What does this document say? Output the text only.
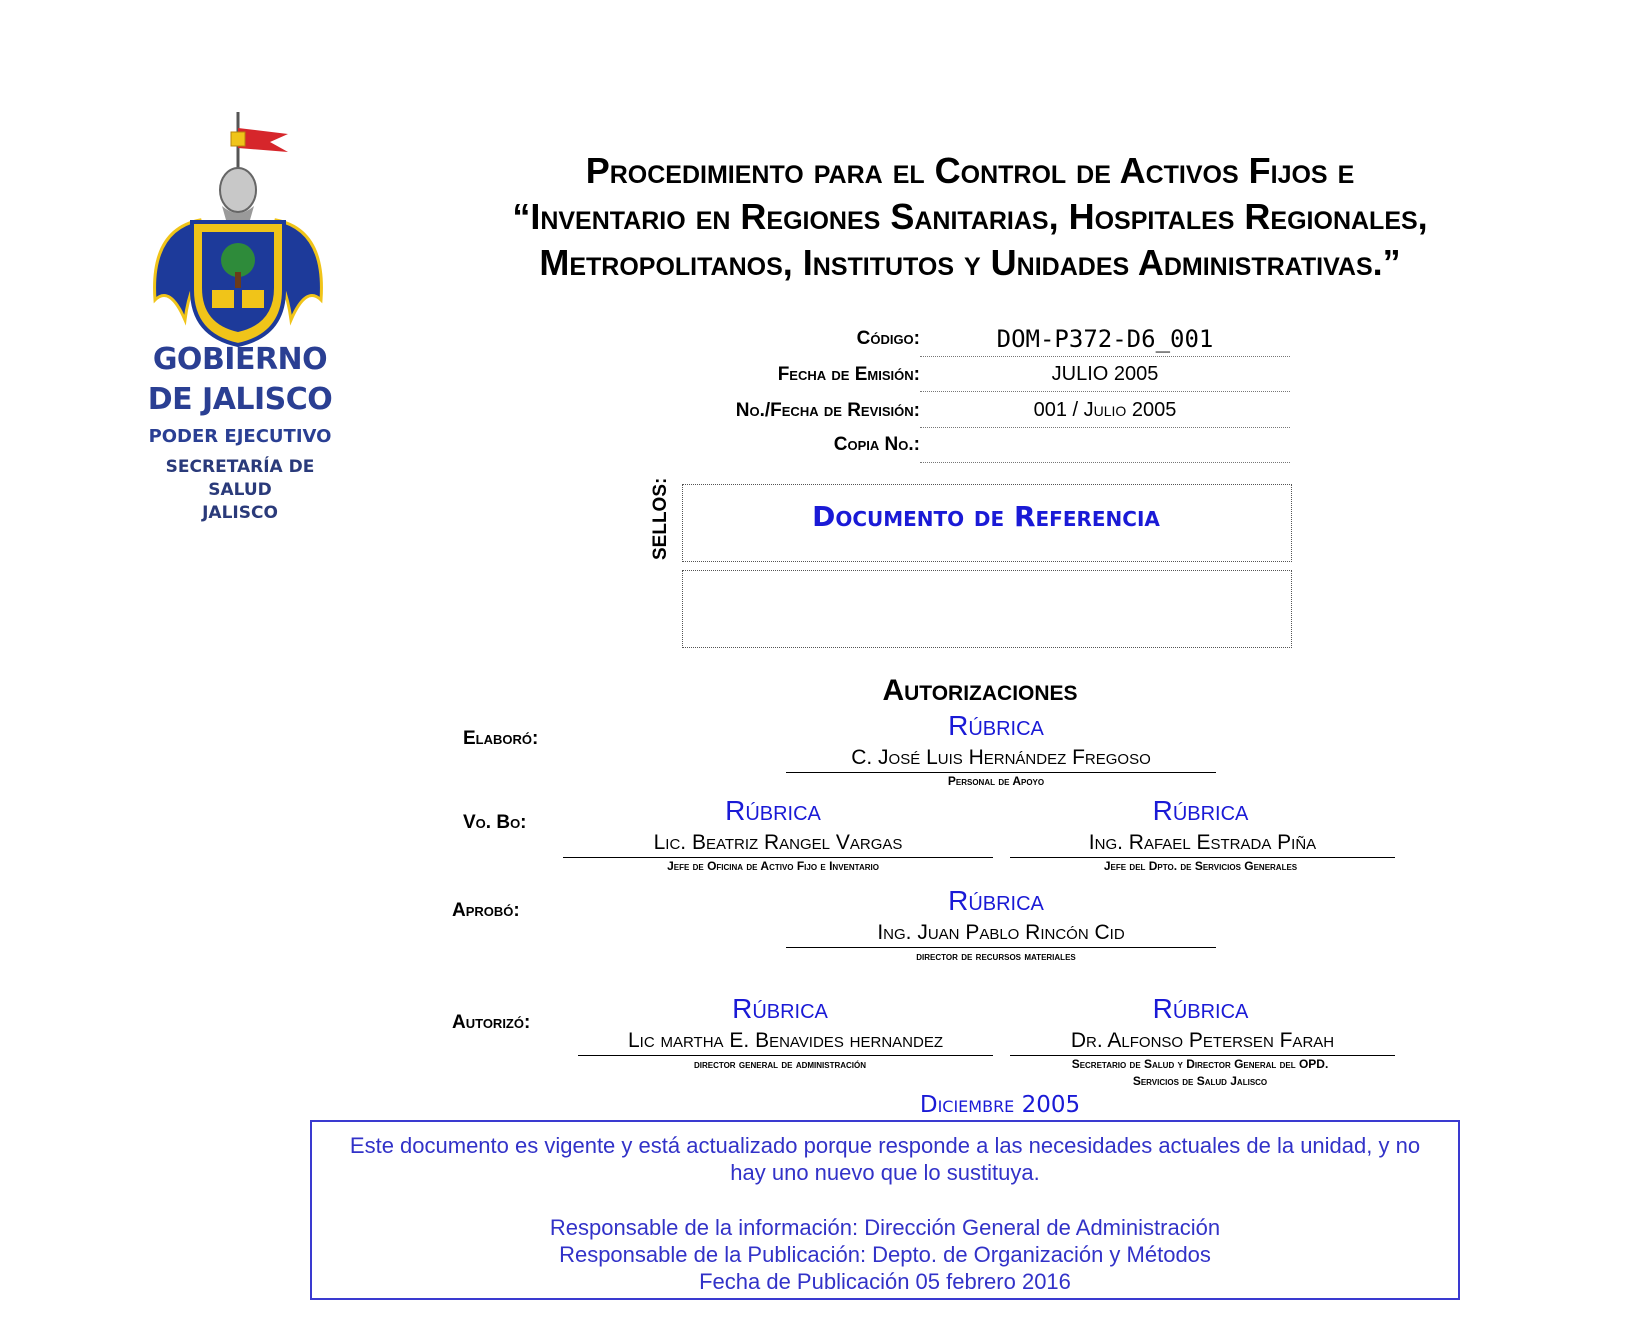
GOBIERNO
DE JALISCO
PODER EJECUTIVO
SECRETARÍA DE
SALUD
JALISCO
Procedimiento para el Control de Activos Fijos e
“Inventario en Regiones Sanitarias, Hospitales Regionales,
Metropolitanos, Institutos y Unidades Administrativas.”
Código:	DOM-P372-D6_001
Fecha de Emisión:	JULIO 2005
No./Fecha de Revisión:	001 / Julio 2005
Copia No.:
SELLOS:	Documento de Referencia
Autorizaciones
Elaboró:	Rúbrica
C. José Luis Hernández Fregoso
Personal de Apoyo
Vo. Bo:	Rúbrica
Lic. Beatriz Rangel Vargas
Jefe de Oficina de Activo Fijo e Inventario
Rúbrica
Ing. Rafael Estrada Piña
Jefe del Dpto. de Servicios Generales
Aprobó:	Rúbrica
Ing. Juan Pablo Rincón Cid
director de recursos materiales
Autorizó:	Rúbrica
Lic martha E. Benavides hernandez
director general de administración
Rúbrica
Dr. Alfonso Petersen Farah
Secretario de Salud y Director General del OPD.
Servicios de Salud Jalisco
Diciembre 2005
Este documento es vigente y está actualizado porque responde a las necesidades actuales de la unidad, y no
hay uno nuevo que lo sustituya.
Responsable de la información: Dirección General de Administración
Responsable de la Publicación: Depto. de Organización y Métodos
Fecha de Publicación 05 febrero 2016
